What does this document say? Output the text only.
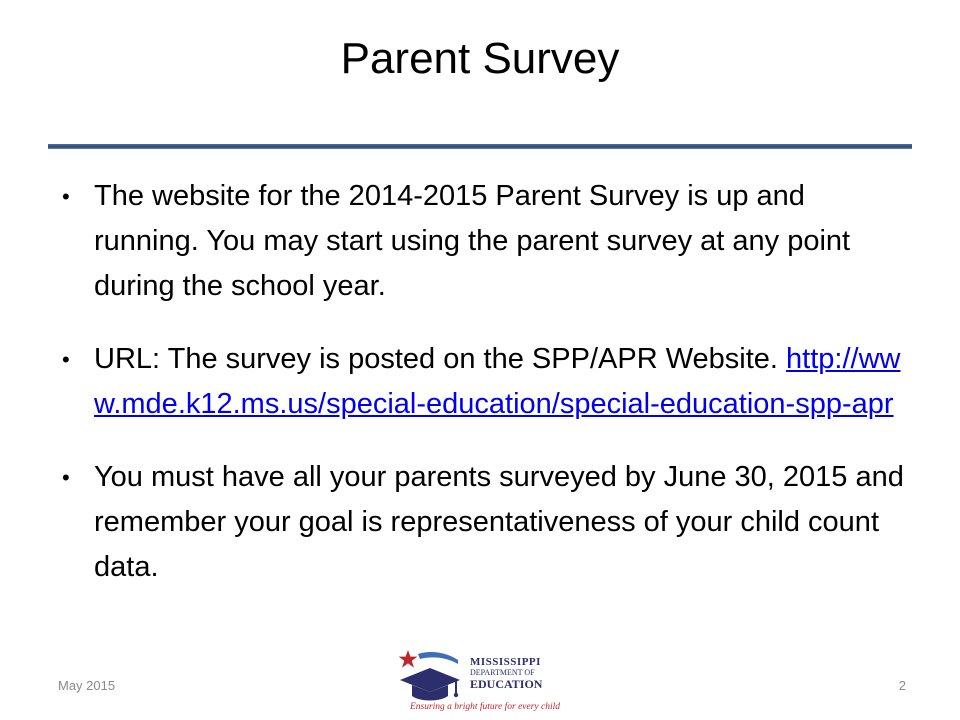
Parent Survey
• The website for the 2014-2015 Parent Survey is up and running. You may start using the parent survey at any point during the school year.
• URL: The survey is posted on the SPP/APR Website. http://www.mde.k12.ms.us/special-education/special-education-spp-apr
• You must have all your parents surveyed by June 30, 2015 and remember your goal is representativeness of your child count data.
May 2015
MISSISSIPPI
DEPARTMENT OF
EDUCATION
Ensuring a bright future for every child
2
